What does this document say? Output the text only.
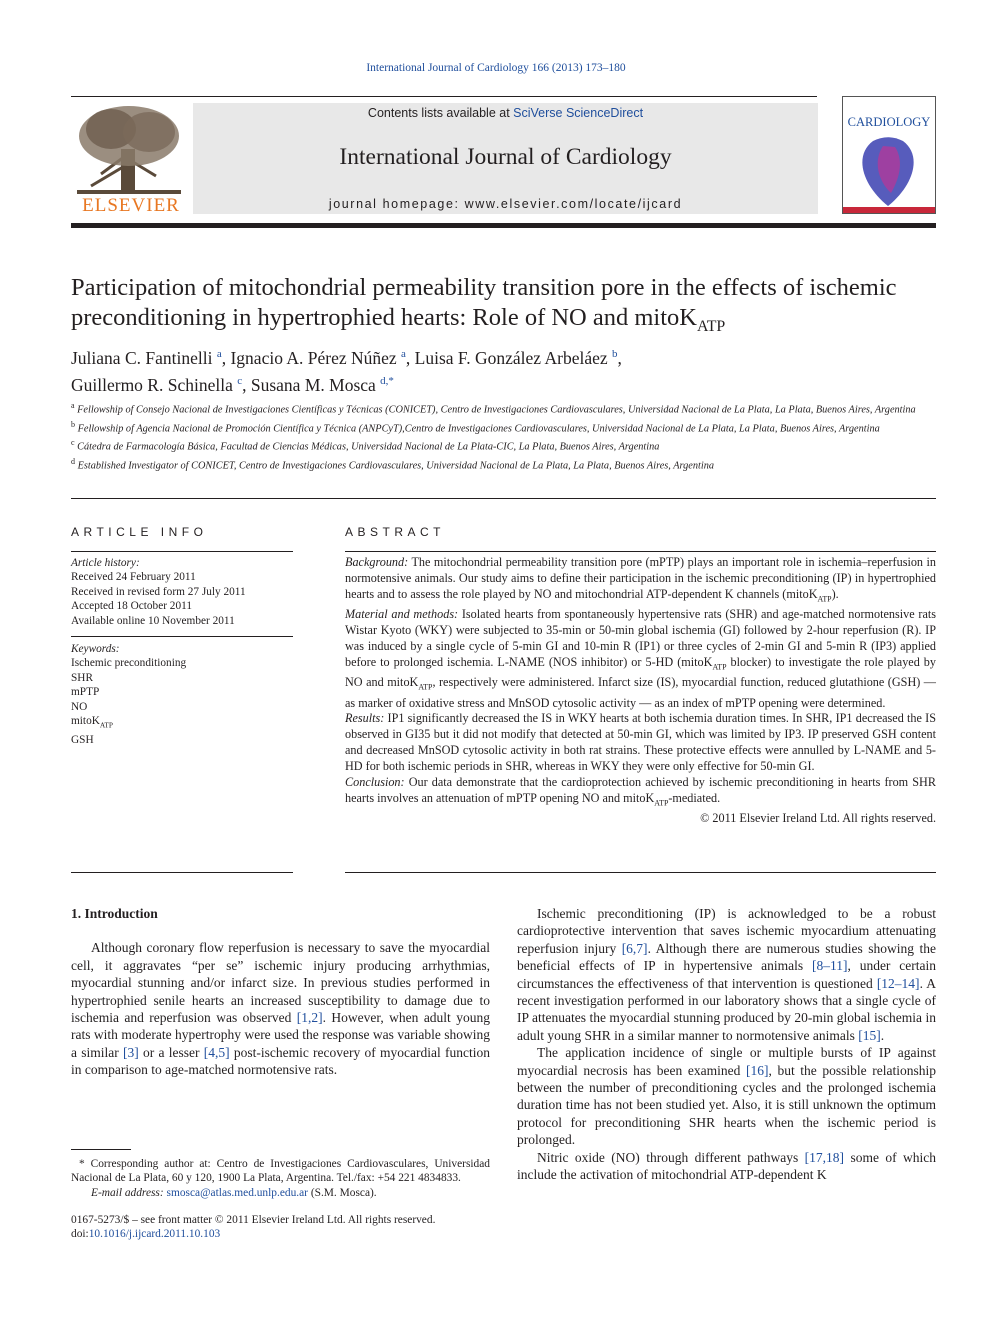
International Journal of Cardiology 166 (2013) 173–180
ELSEVIER
Contents lists available at SciVerse ScienceDirect
International Journal of Cardiology
journal homepage: www.elsevier.com/locate/ijcard
CARDIOLOGY
Participation of mitochondrial permeability transition pore in the effects of ischemic
preconditioning in hypertrophied hearts: Role of NO and mitoK$_{ATP}$
Juliana C. Fantinelli $^a$, Ignacio A. Pérez Núñez $^a$, Luisa F. González Arbeláez $^b$,
Guillermo R. Schinella $^c$, Susana M. Mosca $^{d,*}$
$^a$ Fellowship of Consejo Nacional de Investigaciones Científicas y Técnicas (CONICET), Centro de Investigaciones Cardiovasculares, Universidad Nacional de La Plata, La Plata, Buenos Aires, Argentina
$^b$ Fellowship of Agencia Nacional de Promoción Científica y Técnica (ANPCyT),Centro de Investigaciones Cardiovasculares, Universidad Nacional de La Plata, La Plata, Buenos Aires, Argentina
$^c$ Cátedra de Farmacología Básica, Facultad de Ciencias Médicas, Universidad Nacional de La Plata-CIC, La Plata, Buenos Aires, Argentina
$^d$ Established Investigator of CONICET, Centro de Investigaciones Cardiovasculares, Universidad Nacional de La Plata, La Plata, Buenos Aires, Argentina
ARTICLE INFO
Article history:
Received 24 February 2011
Received in revised form 27 July 2011
Accepted 18 October 2011
Available online 10 November 2011
Keywords:
Ischemic preconditioning
SHR
mPTP
NO
mitoK$_{ATP}$
GSH
ABSTRACT
Background: The mitochondrial permeability transition pore (mPTP) plays an important role in ischemia–reperfusion in normotensive animals. Our study aims to define their participation in the ischemic preconditioning (IP) in hypertrophied hearts and to assess the role played by NO and mitochondrial ATP-dependent K channels (mitoK$_{ATP}$).
Material and methods: Isolated hearts from spontaneously hypertensive rats (SHR) and age-matched normotensive rats Wistar Kyoto (WKY) were subjected to 35-min or 50-min global ischemia (GI) followed by 2-hour reperfusion (R). IP was induced by a single cycle of 5-min GI and 10-min R (IP1) or three cycles of 2-min GI and 5-min R (IP3) applied before to prolonged ischemia. L-NAME (NOS inhibitor) or 5-HD (mitoK$_{ATP}$ blocker) to investigate the role played by NO and mitoK$_{ATP}$, respectively were administered. Infarct size (IS), myocardial function, reduced glutathione (GSH) — as marker of oxidative stress and MnSOD cytosolic activity — as an index of mPTP opening were determined.
Results: IP1 significantly decreased the IS in WKY hearts at both ischemia duration times. In SHR, IP1 decreased the IS observed in GI35 but it did not modify that detected at 50-min GI, which was limited by IP3. IP preserved GSH content and decreased MnSOD cytosolic activity in both rat strains. These protective effects were annulled by L-NAME and 5-HD for both ischemic periods in SHR, whereas in WKY they were only effective for 50-min GI.
Conclusion: Our data demonstrate that the cardioprotection achieved by ischemic preconditioning in hearts from SHR hearts involves an attenuation of mPTP opening NO and mitoK$_{ATP}$-mediated.
© 2011 Elsevier Ireland Ltd. All rights reserved.
1. Introduction

Although coronary flow reperfusion is necessary to save the myocardial cell, it aggravates “per se” ischemic injury producing arrhythmias, myocardial stunning and/or infarct size. In previous studies performed in hypertrophied senile hearts an increased susceptibility to damage due to ischemia and reperfusion was observed [1,2]. However, when adult young rats with moderate hypertrophy were used the response was variable showing a similar [3] or a lesser [4,5] post-ischemic recovery of myocardial function in comparison to age-matched normotensive rats.

Ischemic preconditioning (IP) is acknowledged to be a robust cardioprotective intervention that saves ischemic myocardium attenuating reperfusion injury [6,7]. Although there are numerous studies showing the beneficial effects of IP in hypertensive animals [8–11], under certain circumstances the effectiveness of that intervention is questioned [12–14]. A recent investigation performed in our laboratory shows that a single cycle of IP attenuates the myocardial stunning produced by 20-min global ischemia in adult young SHR in a similar manner to normotensive animals [15].

The application incidence of single or multiple bursts of IP against myocardial necrosis has been examined [16], but the possible relationship between the number of preconditioning cycles and the prolonged ischemia duration time has not been studied yet. Also, it is still unknown the optimum protocol for preconditioning SHR hearts when the ischemic period is prolonged.

Nitric oxide (NO) through different pathways [17,18] some of which include the activation of mitochondrial ATP-dependent K

* Corresponding author at: Centro de Investigaciones Cardiovasculares, Universidad Nacional de La Plata, 60 y 120, 1900 La Plata, Argentina. Tel./fax: +54 221 4834833.
E-mail address: smosca@atlas.med.unlp.edu.ar (S.M. Mosca).
0167-5273/$ – see front matter © 2011 Elsevier Ireland Ltd. All rights reserved.
doi:10.1016/j.ijcard.2011.10.103
